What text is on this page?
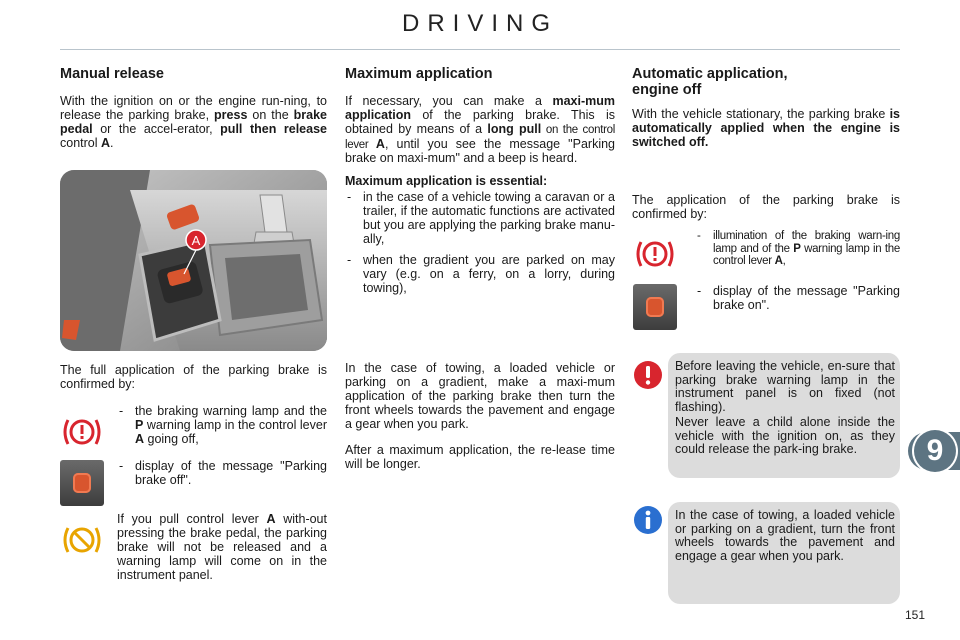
DRIVING
Manual release

With the ignition on or the engine run-ning, to release the parking brake, press on the brake pedal or the accel-erator, pull then release control A.

A

The full application of the parking brake is confirmed by:

- the braking warning lamp and the P warning lamp in the control lever A going off,
- display of the message "Parking brake off".

If you pull control lever A with-out pressing the brake pedal, the parking brake will not be released and a warning lamp will come on in the instrument panel.

Maximum application

If necessary, you can make a maxi-mum application of the parking brake. This is obtained by means of a long pull on the control lever A, until you see the message "Parking brake on maxi-mum" and a beep is heard.

Maximum application is essential:

- in the case of a vehicle towing a caravan or a trailer, if the automatic functions are activated but you are applying the parking brake manu-ally,
- when the gradient you are parked on may vary (e.g. on a ferry, on a lorry, during towing),

In the case of towing, a loaded vehicle or parking on a gradient, make a maxi-mum application of the parking brake then turn the front wheels towards the pavement and engage a gear when you park.

After a maximum application, the re-lease time will be longer.

Automatic application, engine off

With the vehicle stationary, the parking brake is automatically applied when the engine is switched off.

The application of the parking brake is confirmed by:

- illumination of the braking warn-ing lamp and of the P warning lamp in the control lever A,
- display of the message "Parking brake on".

Before leaving the vehicle, en-sure that parking brake warning lamp in the instrument panel is on fixed (not flashing).

Never leave a child alone inside the vehicle with the ignition on, as they could release the park-ing brake.

In the case of towing, a loaded vehicle or parking on a gradient, turn the front wheels towards the pavement and engage a gear when you park.

9
151
